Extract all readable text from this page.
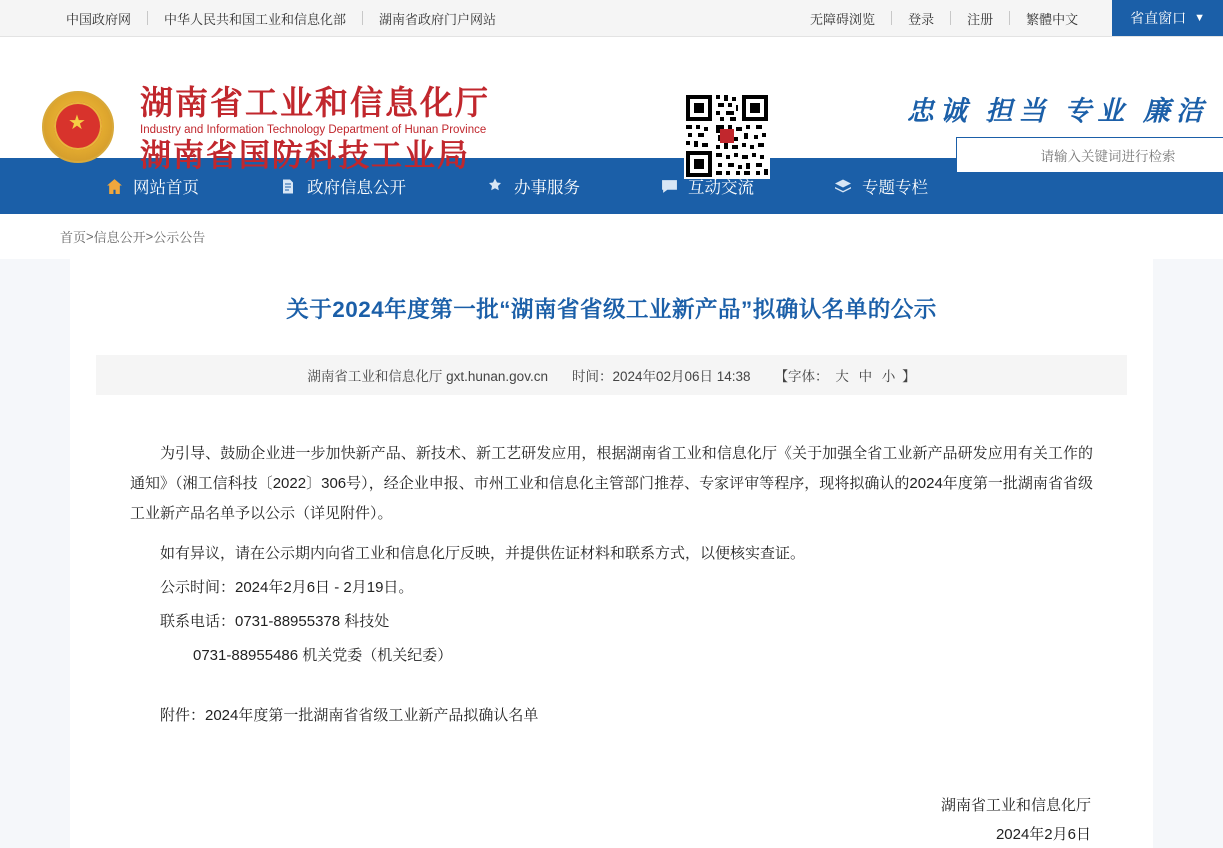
中国政府网	中华人民共和国工业和信息化部	湖南省政府门户网站	无障碍浏览	登录	注册	繁體中文	省直窗口 ▼
★
湖南省工业和信息化厅
Industry and Information Technology Department of Hunan Province
湖南省国防科技工业局
忠诚 担当 专业 廉洁
请输入关键词进行检索
网站首页	政府信息公开	办事服务	互动交流	专题专栏
首页 > 信息公开 > 公示公告
关于2024年度第一批“湖南省省级工业新产品”拟确认名单的公示
湖南省工业和信息化厅 gxt.hunan.gov.cn 时间：2024年02月06日 14:38 【字体： 大 中 小 】

为引导、鼓励企业进一步加快新产品、新技术、新工艺研发应用，根据湖南省工业和信息化厅《关于加强全省工业新产品研发应用有关工作的通知》（湘工信科技〔2022〕306号），经企业申报、市州工业和信息化主管部门推荐、专家评审等程序，现将拟确认的2024年度第一批湖南省省级工业新产品名单予以公示（详见附件）。

如有异议，请在公示期内向省工业和信息化厅反映，并提供佐证材料和联系方式，以便核实查证。

公示时间：2024年2月6日 - 2月19日。

联系电话：0731-88955378 科技处

0731-88955486 机关党委（机关纪委）

附件：2024年度第一批湖南省省级工业新产品拟确认名单

湖南省工业和信息化厅
2024年2月6日
